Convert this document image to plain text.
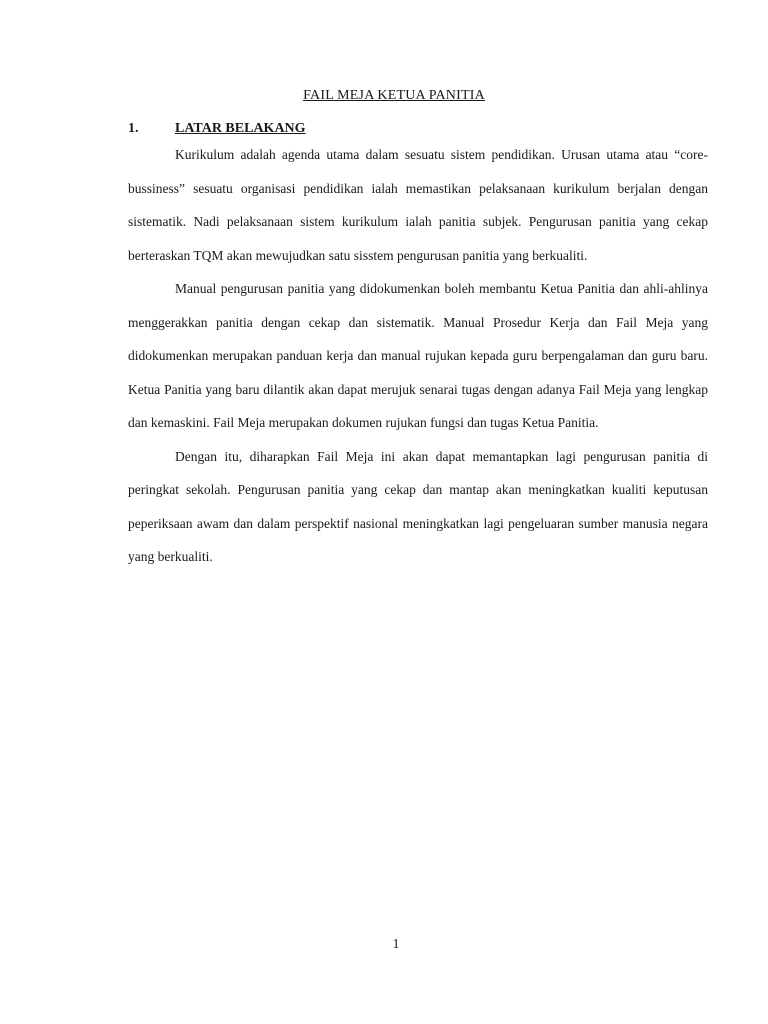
FAIL MEJA KETUA PANITIA
1.	LATAR BELAKANG

Kurikulum adalah agenda utama dalam sesuatu sistem pendidikan. Urusan utama atau “core-bussiness” sesuatu organisasi pendidikan ialah memastikan pelaksanaan kurikulum berjalan dengan sistematik. Nadi pelaksanaan sistem kurikulum ialah panitia subjek. Pengurusan panitia yang cekap berteraskan TQM akan mewujudkan satu sisstem pengurusan panitia yang berkualiti.

Manual pengurusan panitia yang didokumenkan boleh membantu Ketua Panitia dan ahli-ahlinya menggerakkan panitia dengan cekap dan sistematik. Manual Prosedur Kerja dan Fail Meja yang didokumenkan merupakan panduan kerja dan manual rujukan kepada guru berpengalaman dan guru baru. Ketua Panitia yang baru dilantik akan dapat merujuk senarai tugas dengan adanya Fail Meja yang lengkap dan kemaskini. Fail Meja merupakan dokumen rujukan fungsi dan tugas Ketua Panitia.

Dengan itu, diharapkan Fail Meja ini akan dapat memantapkan lagi pengurusan panitia di peringkat sekolah. Pengurusan panitia yang cekap dan mantap akan meningkatkan kualiti keputusan peperiksaan awam dan dalam perspektif nasional meningkatkan lagi pengeluaran sumber manusia negara yang berkualiti.

1
